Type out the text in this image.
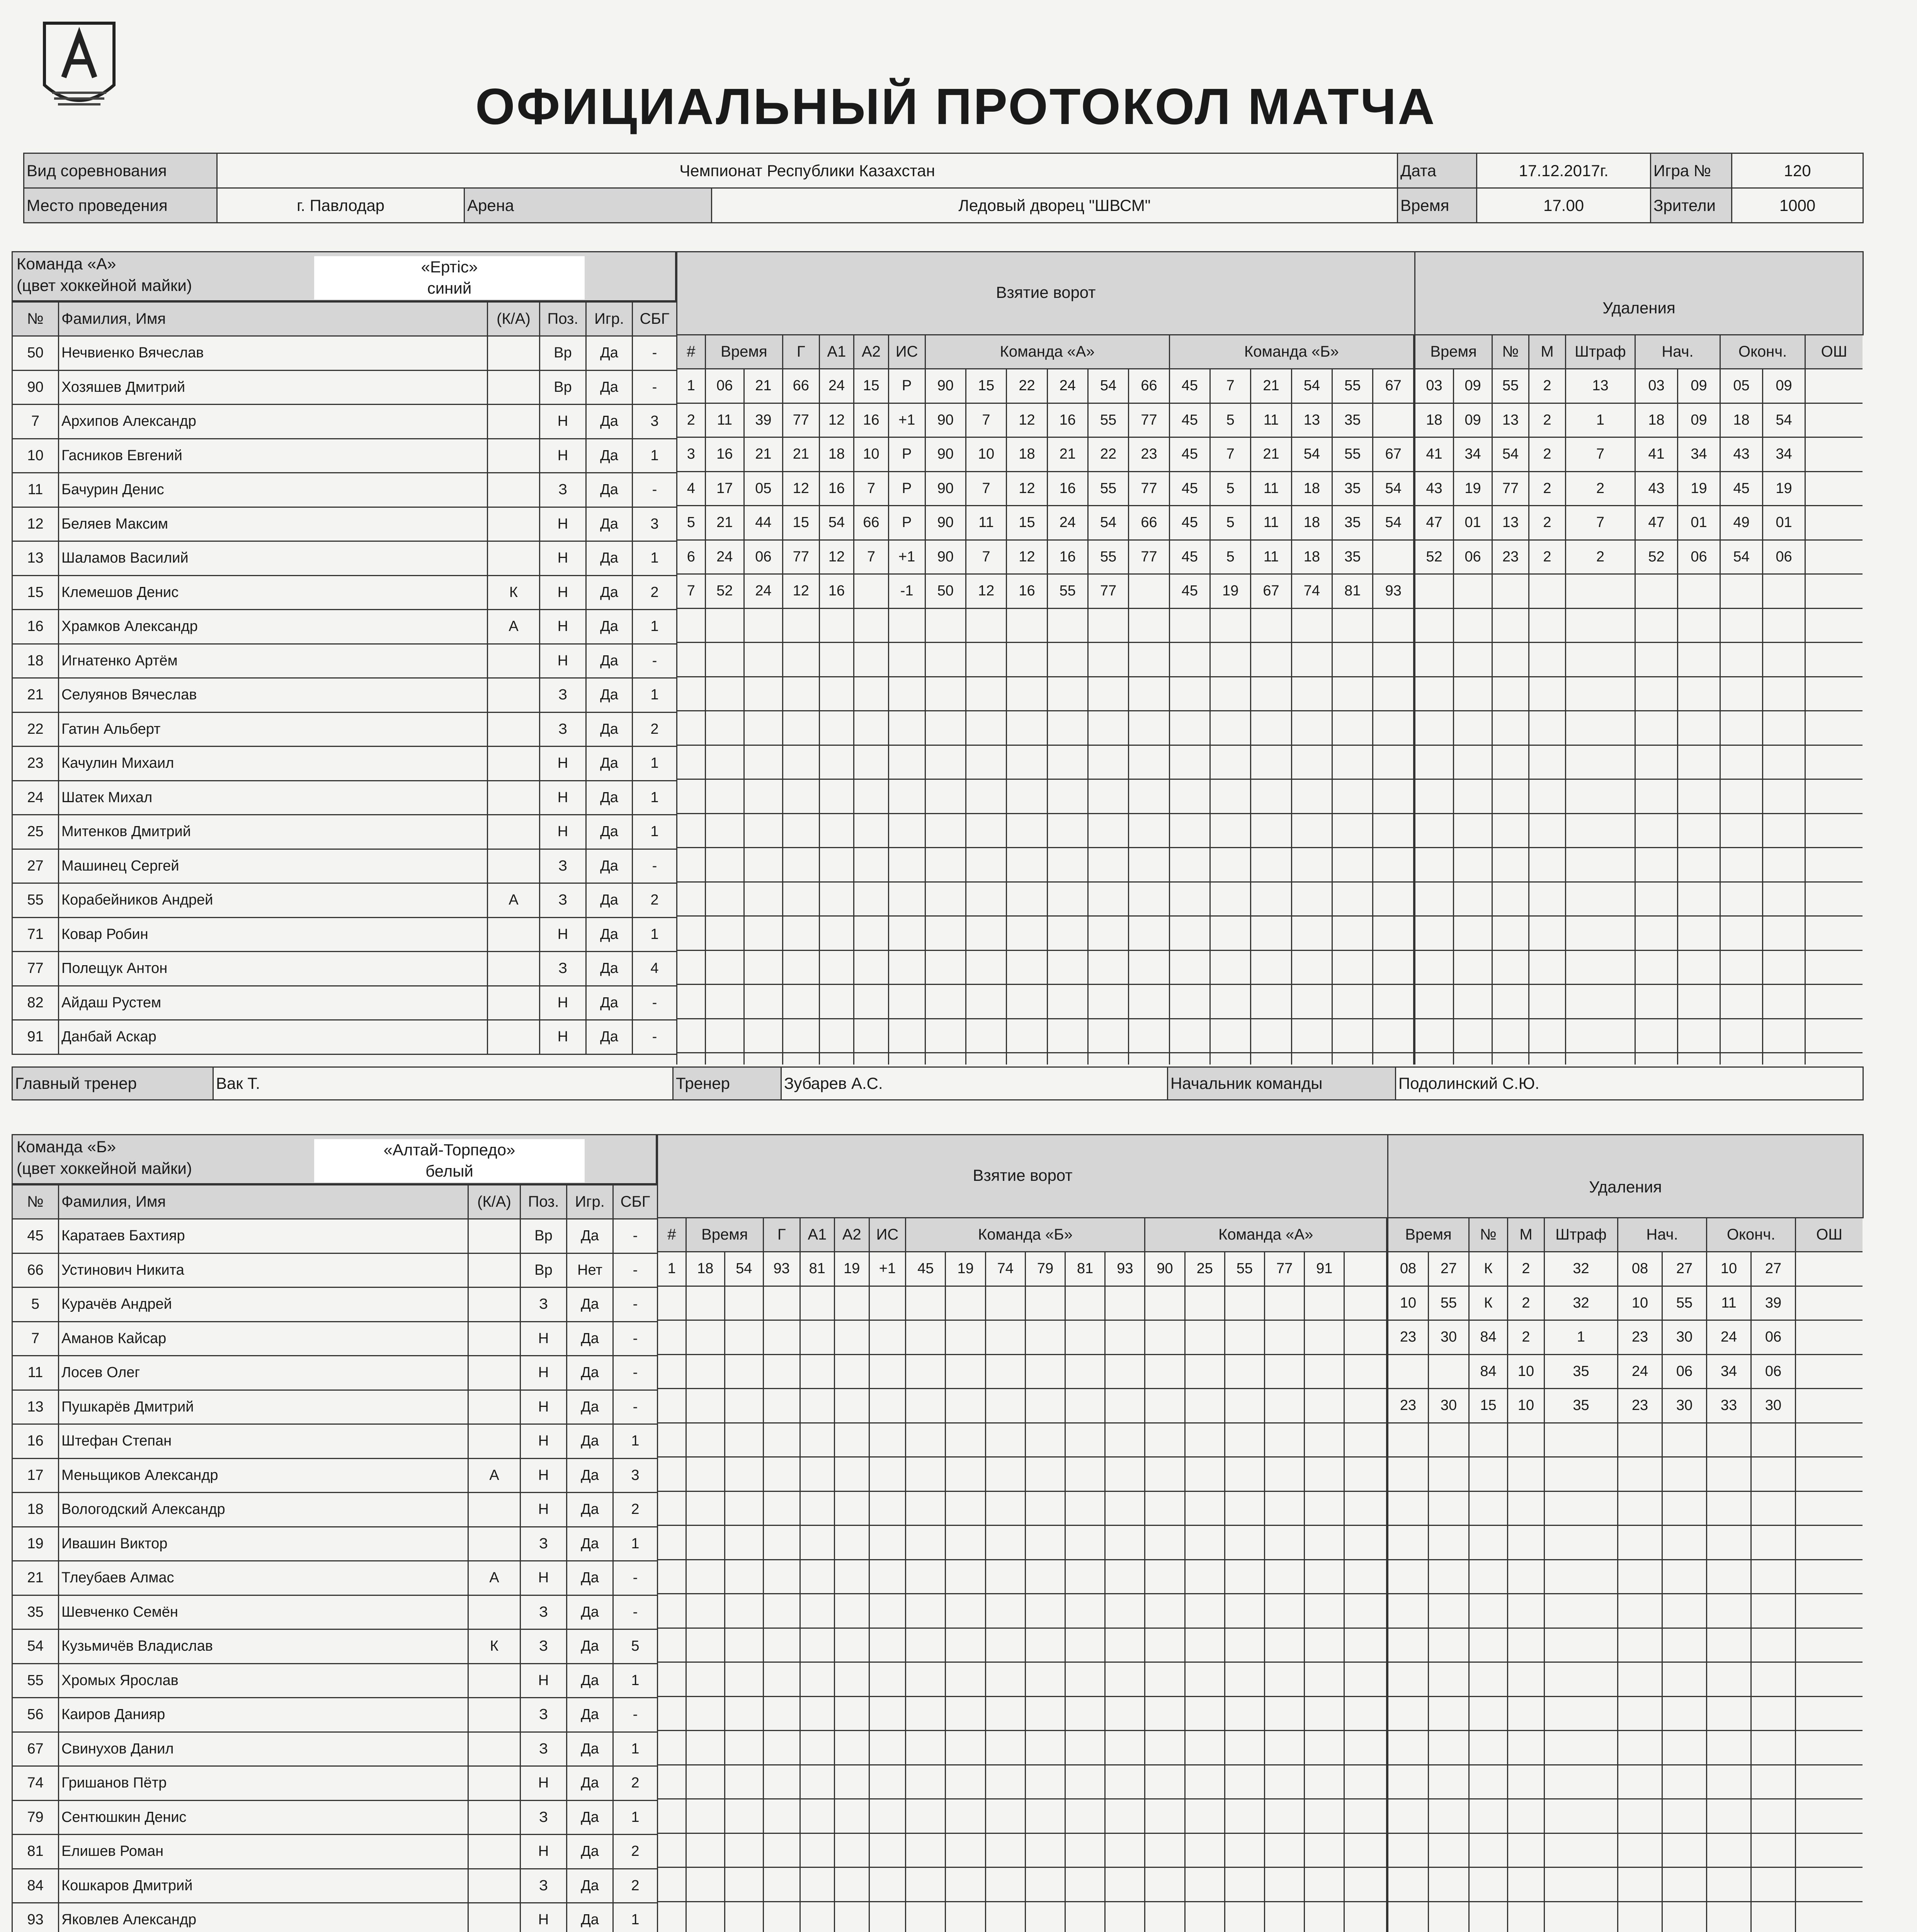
ОФИЦИАЛЬНЫЙ ПРОТОКОЛ МАТЧА
Вид соревнования	Чемпионат Республики Казахстан			Дата	17.12.2017г.	Игра №	120
Место проведения	г. Павлодар	Арена	Ледовый дворец "ШВСМ"	Время	17.00	Зрители	1000
Команда «А»
(цвет хоккейной майки)
«Ертіс»
синий
№	Фамилия, Имя	(К/А)	Поз.	Игр.	СБГ
50	Нечвиенко Вячеслав		Вр	Да	-
90	Хозяшев Дмитрий		Вр	Да	-
7	Архипов Александр		Н	Да	3
10	Гасников Евгений		Н	Да	1
11	Бачурин Денис		З	Да	-
12	Беляев Максим		Н	Да	3
13	Шаламов Василий		Н	Да	1
15	Клемешов Денис	К	Н	Да	2
16	Храмков Александр	А	Н	Да	1
18	Игнатенко Артём		Н	Да	-
21	Селуянов Вячеслав		З	Да	1
22	Гатин Альберт		З	Да	2
23	Качулин Михаил		Н	Да	1
24	Шатек Михал		Н	Да	1
25	Митенков Дмитрий		Н	Да	1
27	Машинец Сергей		З	Да	-
55	Корабейников Андрей	А	З	Да	2
71	Ковар Робин		Н	Да	1
77	Полещук Антон		З	Да	4
82	Айдаш Рустем		Н	Да	-
91	Данбай Аскар		Н	Да	-
Взятие ворот	Удаления
#	Время		Г	А1	А2	ИС	Команда «А»						Команда «Б»					
1	06	21	66	24	15	Р	90	15	22	24	54	66	45	7	21	54	55	67
2	11	39	77	12	16	+1	90	7	12	16	55	77	45	5	11	13	35	
3	16	21	21	18	10	Р	90	10	18	21	22	23	45	7	21	54	55	67
4	17	05	12	16	7	Р	90	7	12	16	55	77	45	5	11	18	35	54
5	21	44	15	54	66	Р	90	11	15	24	54	66	45	5	11	18	35	54
6	24	06	77	12	7	+1	90	7	12	16	55	77	45	5	11	18	35	
7	52	24	12	16		-1	50	12	16	55	77		45	19	67	74	81	93

Время		№	М	Штраф	Нач.		Оконч.		ОШ
03	09	55	2	13	03	09	05	09	
18	09	13	2	1	18	09	18	54	
41	34	54	2	7	41	34	43	34	
43	19	77	2	2	43	19	45	19	
47	01	13	2	7	47	01	49	01	
52	06	23	2	2	52	06	54	06	

Главный тренер	Вак Т.	Тренер	Зубарев А.С.	Начальник команды	Подолинский С.Ю.
Команда «Б»
(цвет хоккейной майки)
«Алтай-Торпедо»
белый
№	Фамилия, Имя	(К/А)	Поз.	Игр.	СБГ
45	Каратаев Бахтияр		Вр	Да	-
66	Устинович Никита		Вр	Нет	-
5	Курачёв Андрей		З	Да	-
7	Аманов Кайсар		Н	Да	-
11	Лосев Олег		Н	Да	-
13	Пушкарёв Дмитрий		Н	Да	-
16	Штефан Степан		Н	Да	1
17	Меньщиков Александр	А	Н	Да	3
18	Вологодский Александр		Н	Да	2
19	Ивашин Виктор		З	Да	1
21	Тлеубаев Алмас	А	Н	Да	-
35	Шевченко Семён		З	Да	-
54	Кузьмичёв Владислав	К	З	Да	5
55	Хромых Ярослав		Н	Да	1
56	Каиров Данияр		З	Да	-
67	Свинухов Данил		З	Да	1
74	Гришанов Пётр		Н	Да	2
79	Сентюшкин Денис		З	Да	1
81	Елишев Роман		Н	Да	2
84	Кошкаров Дмитрий		З	Да	2
93	Яковлев Александр		Н	Да	1

Взятие ворот	Удаления
#	Время		Г	А1	А2	ИС	Команда «Б»						Команда «А»					
1	18	54	93	81	19	+1	45	19	74	79	81	93	90	25	55	77	91	

Время		№	М	Штраф	Нач.		Оконч.		ОШ
08	27	К	2	32	08	27	10	27	
10	55	К	2	32	10	55	11	39	
23	30	84	2	1	23	30	24	06	
		84	10	35	24	06	34	06	
23	30	15	10	35	23	30	33	30	
